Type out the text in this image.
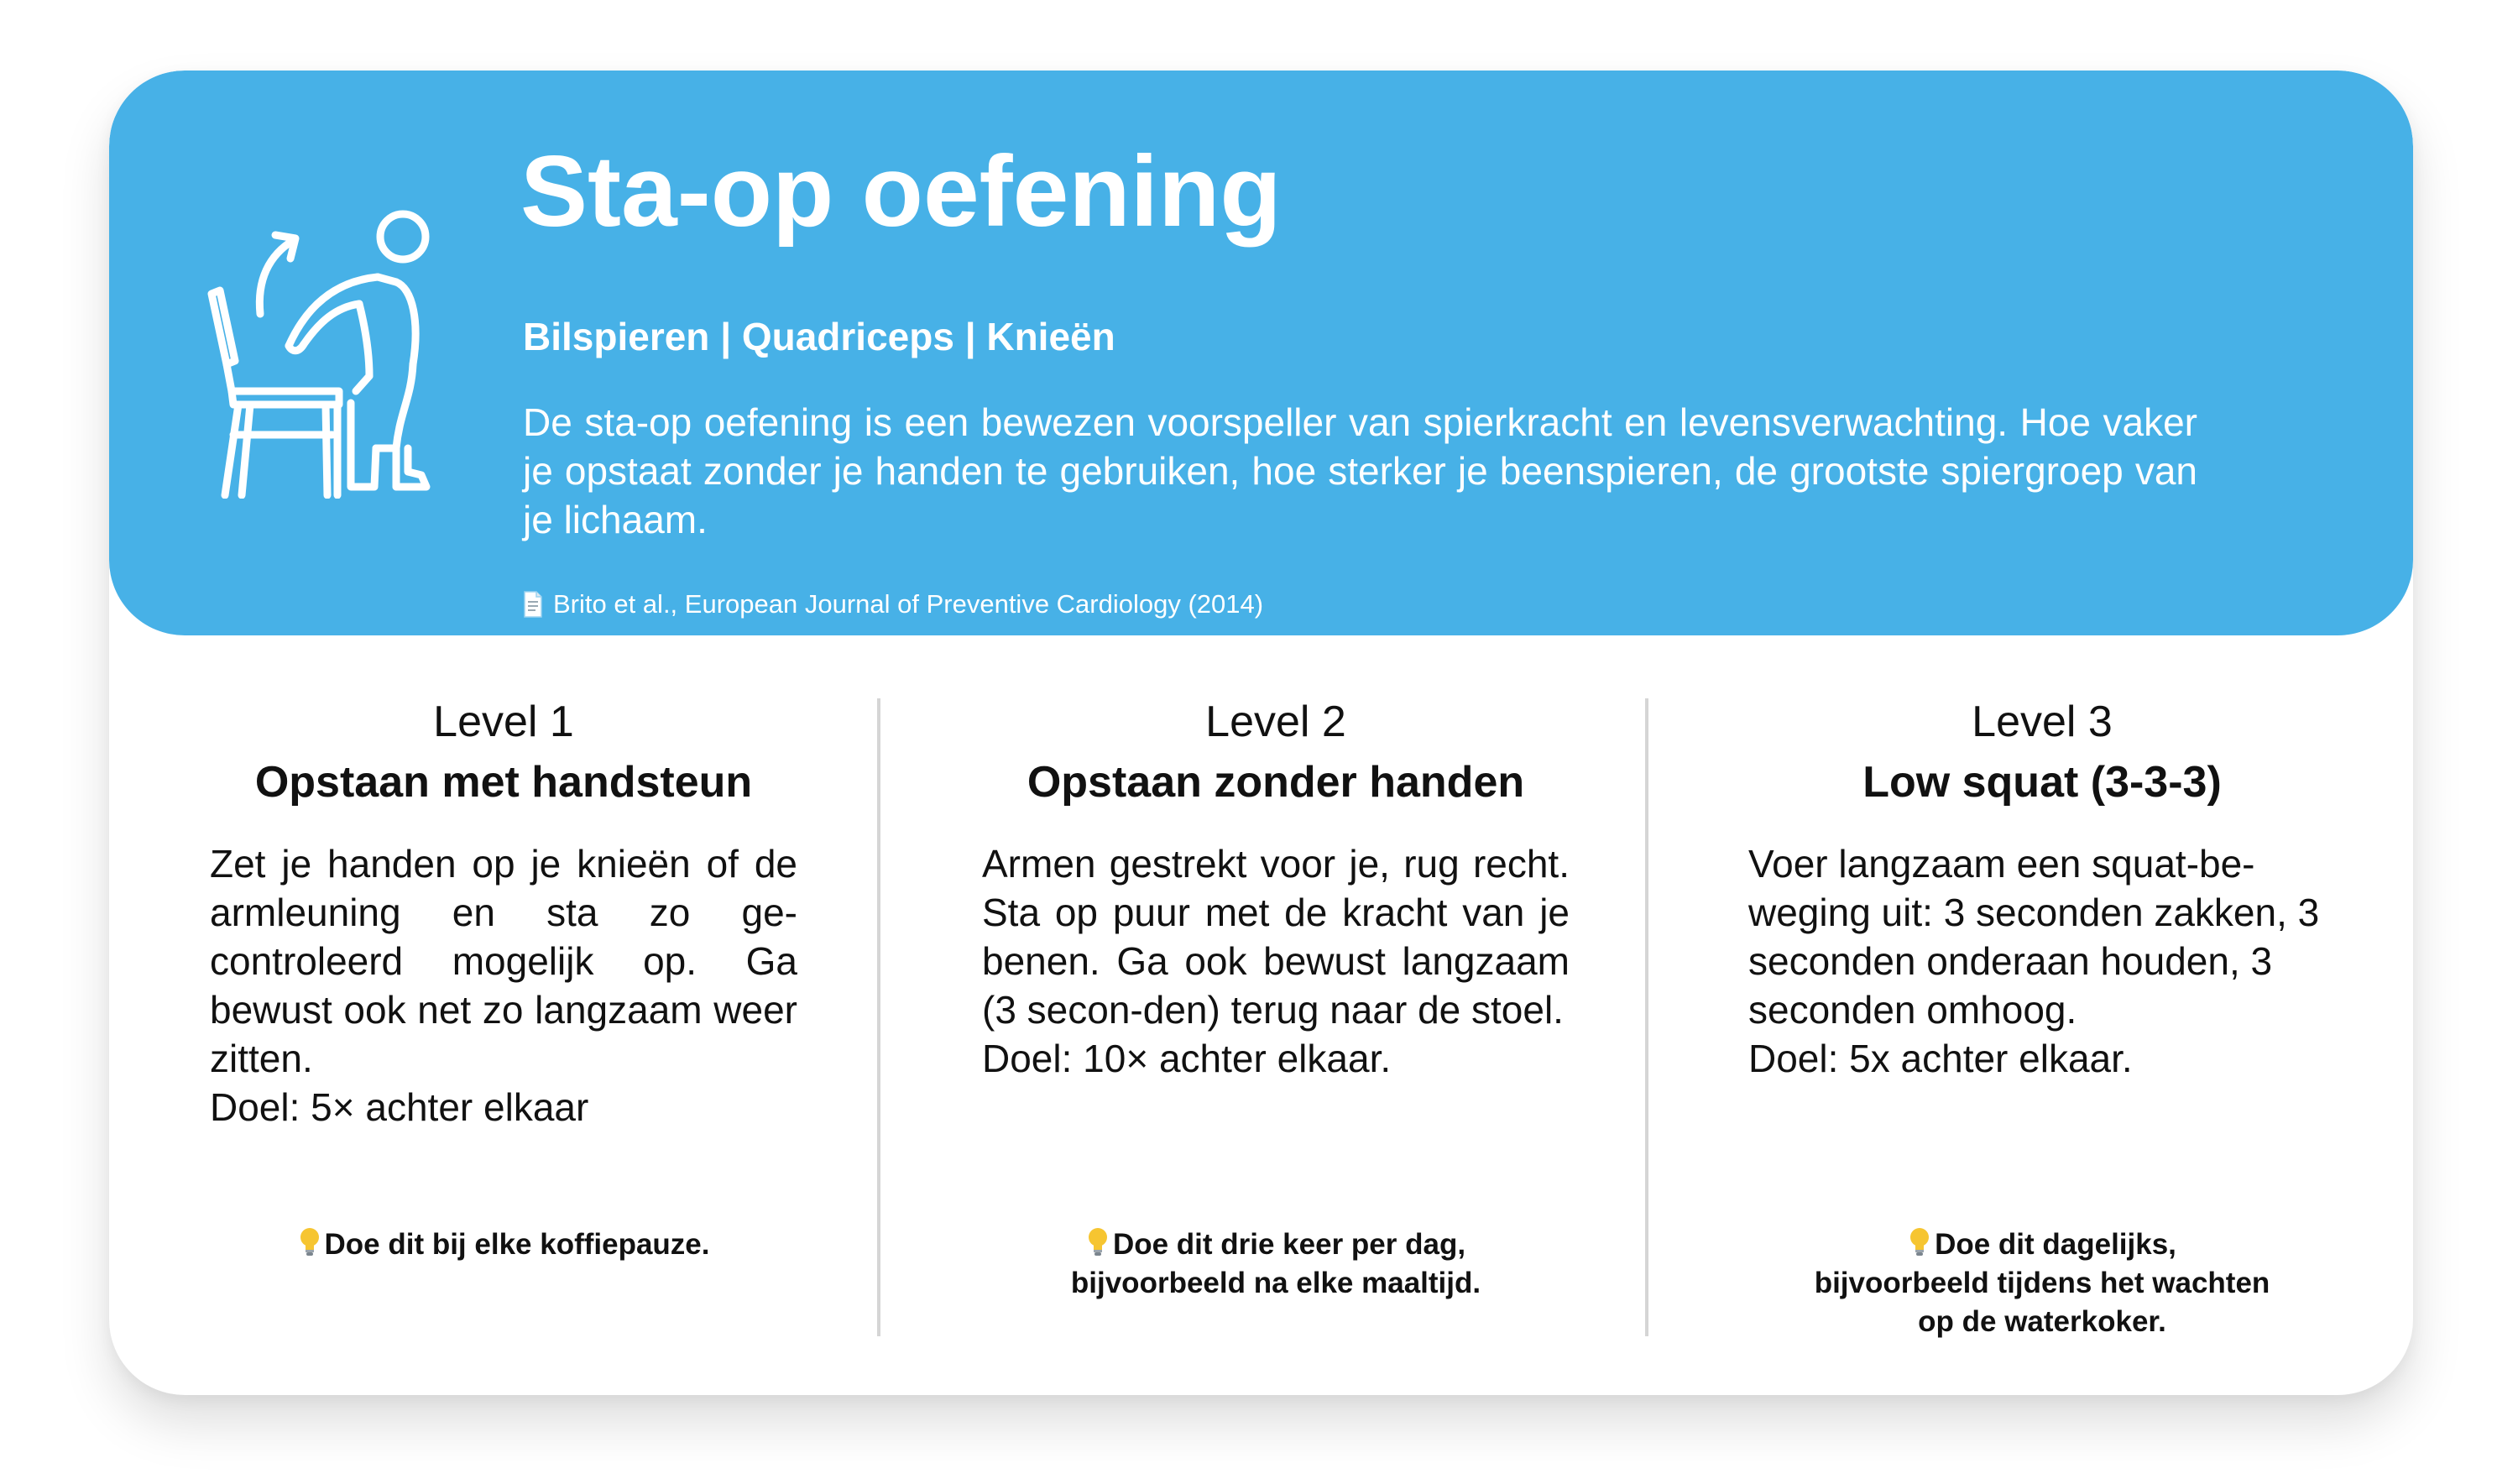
Sta-op oefening
Bilspieren | Quadriceps | Knieën

De sta-op oefening is een bewezen voorspeller van spierkracht en levensverwachting. Hoe vaker je opstaat zonder je handen te gebruiken, hoe sterker je beenspieren, de grootste spiergroep van je lichaam.

Brito et al., European Journal of Preventive Cardiology (2014)
Level 1
Opstaan met handsteun

Zet je handen op je knieën of de armleuning en sta zo ge-controleerd mogelijk op. Ga bewust ook net zo langzaam weer zitten.

Doel: 5× achter elkaar

Doe dit bij elke koffiepauze.
Level 2
Opstaan zonder handen

Armen gestrekt voor je, rug recht. Sta op puur met de kracht van je benen. Ga ook bewust langzaam (3 secon-den) terug naar de stoel.

Doel: 10× achter elkaar.

Doe dit drie keer per dag,
bijvoorbeeld na elke maaltijd.
Level 3
Low squat (3-3-3)

Voer langzaam een squat-be-weging uit: 3 seconden zakken, 3 seconden onderaan houden, 3 seconden omhoog.

Doel: 5x achter elkaar.

Doe dit dagelijks,
bijvoorbeeld tijdens het wachten
op de waterkoker.
